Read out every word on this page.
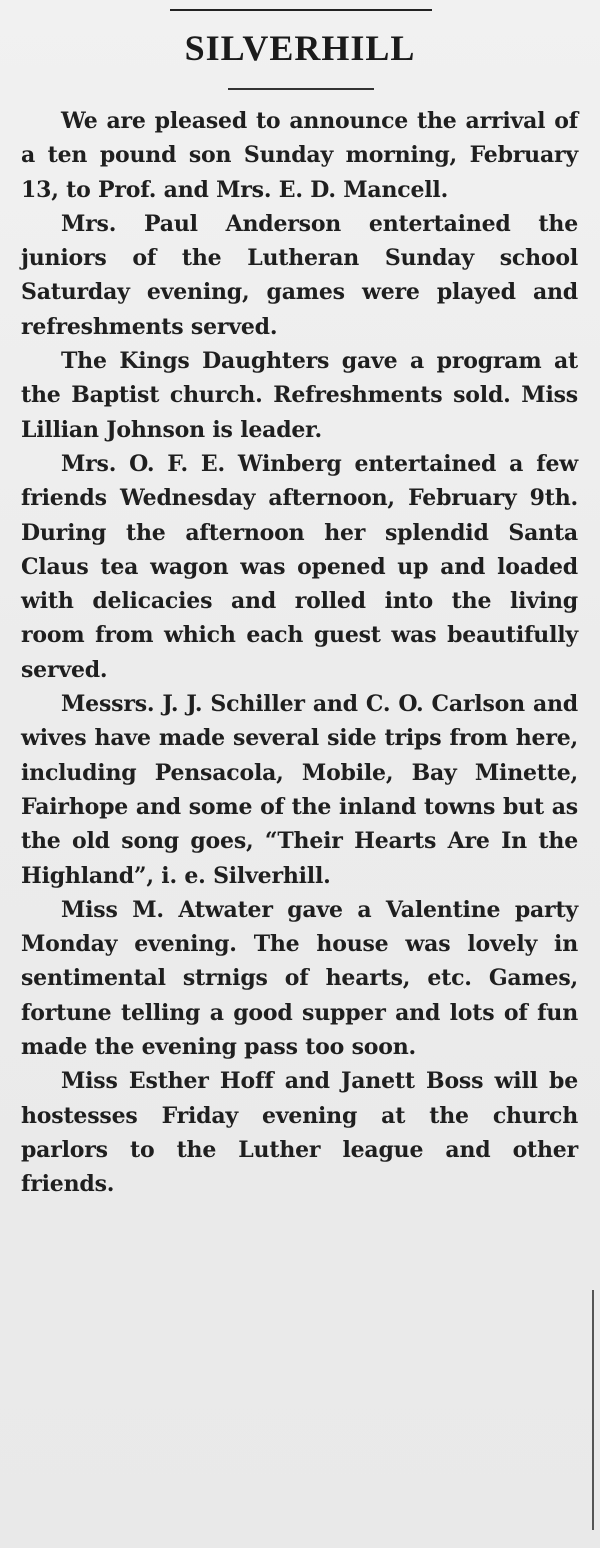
SILVERHILL

We are pleased to announce the arrival of a ten pound son Sunday morning, February 13, to Prof. and Mrs. E. D. Mancell.

Mrs. Paul Anderson entertained the juniors of the Lutheran Sunday school Saturday evening, games were played and refreshments served.

The Kings Daughters gave a program at the Baptist church. Refreshments sold. Miss Lillian Johnson is leader.

Mrs. O. F. E. Winberg entertained a few friends Wednesday afternoon, February 9th. During the afternoon her splendid Santa Claus tea wagon was opened up and loaded with delicacies and rolled into the living room from which each guest was beautifully served.

Messrs. J. J. Schiller and C. O. Carlson and wives have made several side trips from here, including Pensacola, Mobile, Bay Minette, Fairhope and some of the inland towns but as the old song goes, “Their Hearts Are In the Highland”, i. e. Silverhill.

Miss M. Atwater gave a Valentine party Monday evening. The house was lovely in sentimental strnigs of hearts, etc. Games, fortune telling a good supper and lots of fun made the evening pass too soon.

Miss Esther Hoff and Janett Boss will be hostesses Friday evening at the church parlors to the Luther league and other friends.
